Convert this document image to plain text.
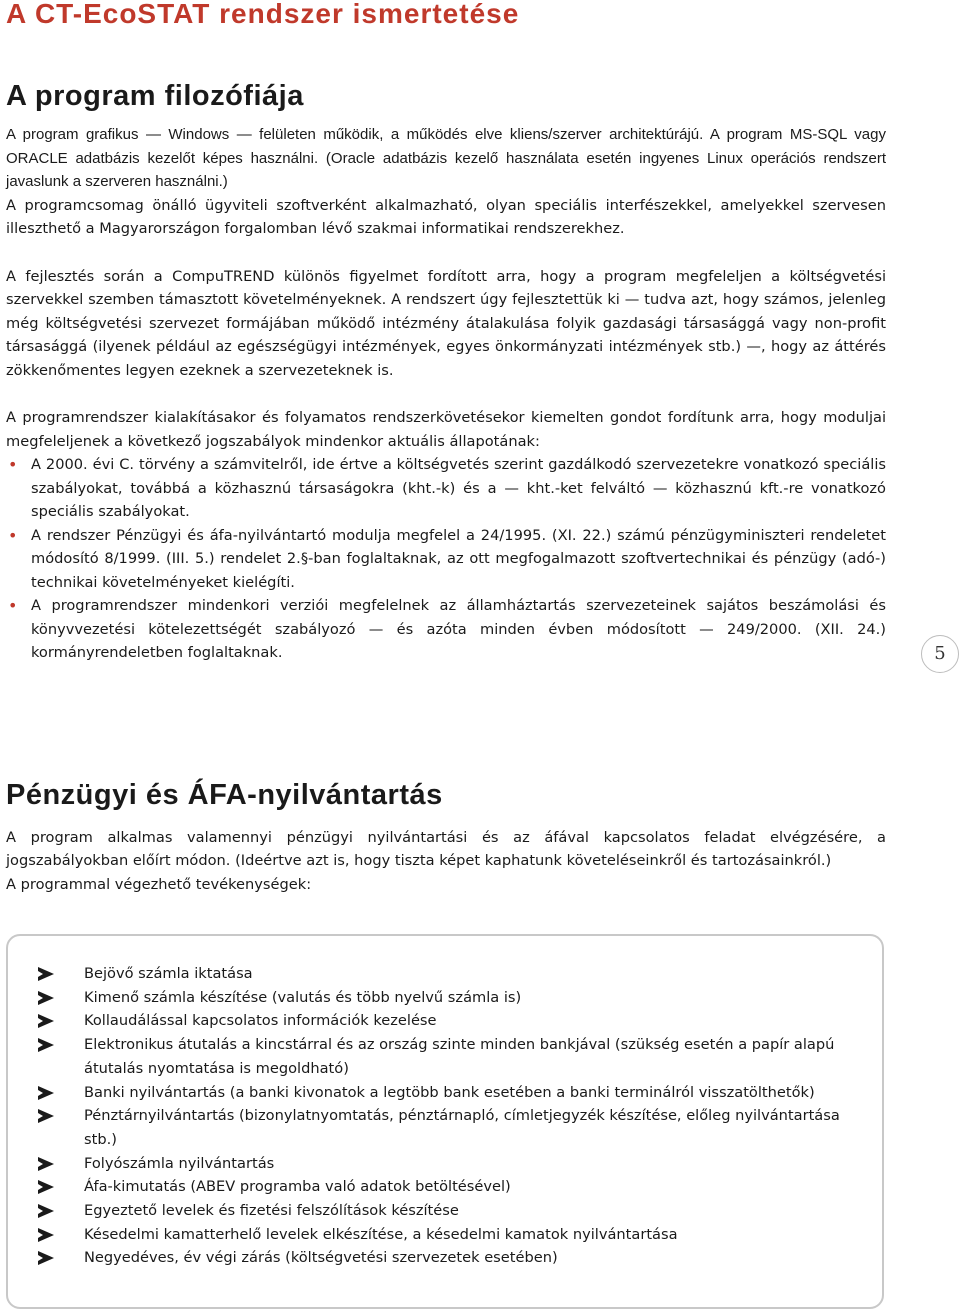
A CT-EcoSTAT rendszer ismertetése
A program filozófiája

A program grafikus — Windows — felületen működik, a működés elve kliens/szerver architektúrájú. A program MS-SQL vagy ORACLE adatbázis kezelőt képes használni. (Oracle adatbázis kezelő használata esetén ingyenes Linux operációs rendszert javaslunk a szerveren használni.)

A programcsomag önálló ügyviteli szoftverként alkalmazható, olyan speciális interfészekkel, amelyekkel szervesen illeszthető a Magyarországon forgalomban lévő szakmai informatikai rendszerekhez.

A fejlesztés során a CompuTREND különös figyelmet fordított arra, hogy a program megfeleljen a költségvetési szervekkel szemben támasztott követelményeknek. A rendszert úgy fejlesztettük ki — tudva azt, hogy számos, jelenleg még költségvetési szervezet formájában működő intézmény átalakulása folyik gazdasági társasággá vagy non-profit társasággá (ilyenek például az egészségügyi intézmények, egyes önkormányzati intézmények stb.) —, hogy az áttérés zökkenőmentes legyen ezeknek a szervezeteknek is.

A programrendszer kialakításakor és folyamatos rendszerkövetésekor kiemelten gondot fordítunk arra, hogy moduljai megfeleljenek a következő jogszabályok mindenkor aktuális állapotának:

• A 2000. évi C. törvény a számvitelről, ide értve a költségvetés szerint gazdálkodó szervezetekre vonatkozó speciális szabályokat, továbbá a közhasznú társaságokra (kht.-k) és a — kht.-ket felváltó — közhasznú kft.-re vonatkozó speciális szabályokat.
• A rendszer Pénzügyi és áfa-nyilvántartó modulja megfelel a 24/1995. (XI. 22.) számú pénzügyminiszteri rendeletet módosító 8/1999. (III. 5.) rendelet 2.§-ban foglaltaknak, az ott megfogalmazott szoftvertechnikai és pénzügy (adó-) technikai követelményeket kielégíti.
• A programrendszer mindenkori verziói megfelelnek az államháztartás szervezeteinek sajátos beszámolási és könyvvezetési kötelezettségét szabályozó — és azóta minden évben módosított — 249/2000. (XII. 24.) kormányrendeletben foglaltaknak.
Pénzügyi és ÁFA-nyilvántartás

A program alkalmas valamennyi pénzügyi nyilvántartási és az áfával kapcsolatos feladat elvégzésére, a jogszabályokban előírt módon. (Ideértve azt is, hogy tiszta képet kaphatunk követeléseinkről és tartozásainkról.)

A programmal végezhető tevékenységek:

5
Bejövő számla iktatása
Kimenő számla készítése (valutás és több nyelvű számla is)
Kollaudálással kapcsolatos információk kezelése
Elektronikus átutalás a kincstárral és az ország szinte minden bankjával (szükség esetén a papír alapú átutalás nyomtatása is megoldható)
Banki nyilvántartás (a banki kivonatok a legtöbb bank esetében a banki terminálról visszatölthetők)
Pénztárnyilvántartás (bizonylatnyomtatás, pénztárnapló, címletjegyzék készítése, előleg nyilvántartása stb.)
Folyószámla nyilvántartás
Áfa-kimutatás (ABEV programba való adatok betöltésével)
Egyeztető levelek és fizetési felszólítások készítése
Késedelmi kamatterhelő levelek elkészítése, a késedelmi kamatok nyilvántartása
Negyedéves, év végi zárás (költségvetési szervezetek esetében)
